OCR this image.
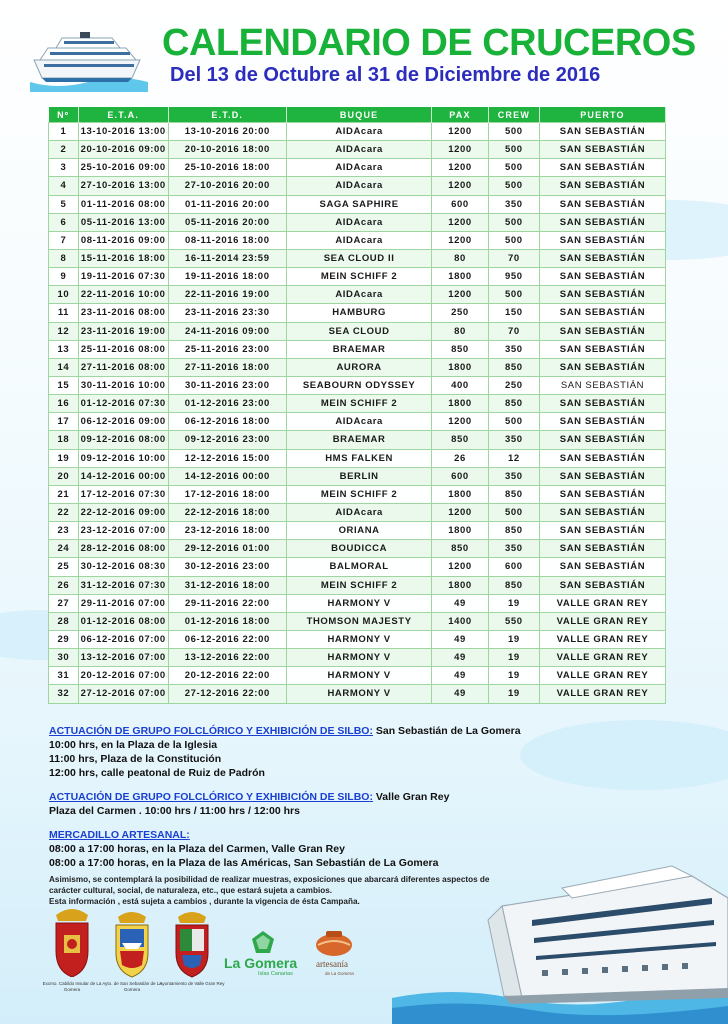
CALENDARIO DE CRUCEROS
Del 13 de Octubre al 31 de Diciembre de 2016
Nº	E.T.A.	E.T.D.	BUQUE	PAX	CREW	PUERTO
1	13-10-2016 13:00	13-10-2016 20:00	AIDAcara	1200	500	SAN SEBASTIÁN
2	20-10-2016 09:00	20-10-2016 18:00	AIDAcara	1200	500	SAN SEBASTIÁN
3	25-10-2016 09:00	25-10-2016 18:00	AIDAcara	1200	500	SAN SEBASTIÁN
4	27-10-2016 13:00	27-10-2016 20:00	AIDAcara	1200	500	SAN SEBASTIÁN
5	01-11-2016 08:00	01-11-2016 20:00	SAGA SAPHIRE	600	350	SAN SEBASTIÁN
6	05-11-2016 13:00	05-11-2016 20:00	AIDAcara	1200	500	SAN SEBASTIÁN
7	08-11-2016 09:00	08-11-2016 18:00	AIDAcara	1200	500	SAN SEBASTIÁN
8	15-11-2016 18:00	16-11-2014 23:59	SEA CLOUD II	80	70	SAN SEBASTIÁN
9	19-11-2016 07:30	19-11-2016 18:00	MEIN SCHIFF 2	1800	950	SAN SEBASTIÁN
10	22-11-2016 10:00	22-11-2016 19:00	AIDAcara	1200	500	SAN SEBASTIÁN
11	23-11-2016 08:00	23-11-2016 23:30	HAMBURG	250	150	SAN SEBASTIÁN
12	23-11-2016 19:00	24-11-2016 09:00	SEA CLOUD	80	70	SAN SEBASTIÁN
13	25-11-2016 08:00	25-11-2016 23:00	BRAEMAR	850	350	SAN SEBASTIÁN
14	27-11-2016 08:00	27-11-2016 18:00	AURORA	1800	850	SAN SEBASTIÁN
15	30-11-2016 10:00	30-11-2016 23:00	SEABOURN ODYSSEY	400	250	SAN SEBASTIÁN
16	01-12-2016 07:30	01-12-2016 23:00	MEIN SCHIFF 2	1800	850	SAN SEBASTIÁN
17	06-12-2016 09:00	06-12-2016 18:00	AIDAcara	1200	500	SAN SEBASTIÁN
18	09-12-2016 08:00	09-12-2016 23:00	BRAEMAR	850	350	SAN SEBASTIÁN
19	09-12-2016 10:00	12-12-2016 15:00	HMS FALKEN	26	12	SAN SEBASTIÁN
20	14-12-2016 00:00	14-12-2016 00:00	BERLIN	600	350	SAN SEBASTIÁN
21	17-12-2016 07:30	17-12-2016 18:00	MEIN SCHIFF 2	1800	850	SAN SEBASTIÁN
22	22-12-2016 09:00	22-12-2016 18:00	AIDAcara	1200	500	SAN SEBASTIÁN
23	23-12-2016 07:00	23-12-2016 18:00	ORIANA	1800	850	SAN SEBASTIÁN
24	28-12-2016 08:00	29-12-2016 01:00	BOUDICCA	850	350	SAN SEBASTIÁN
25	30-12-2016 08:30	30-12-2016 23:00	BALMORAL	1200	600	SAN SEBASTIÁN
26	31-12-2016 07:30	31-12-2016 18:00	MEIN SCHIFF 2	1800	850	SAN SEBASTIÁN
27	29-11-2016 07:00	29-11-2016 22:00	HARMONY V	49	19	VALLE GRAN REY
28	01-12-2016 08:00	01-12-2016 18:00	THOMSON MAJESTY	1400	550	VALLE GRAN REY
29	06-12-2016 07:00	06-12-2016 22:00	HARMONY V	49	19	VALLE GRAN REY
30	13-12-2016 07:00	13-12-2016 22:00	HARMONY V	49	19	VALLE GRAN REY
31	20-12-2016 07:00	20-12-2016 22:00	HARMONY V	49	19	VALLE GRAN REY
32	27-12-2016 07:00	27-12-2016 22:00	HARMONY V	49	19	VALLE GRAN REY

ACTUACIÓN DE GRUPO FOLCLÓRICO Y EXHIBICIÓN DE SILBO: San Sebastián de La Gomera

10:00 hrs, en la Plaza de la Iglesia

11:00 hrs, Plaza de la Constitución

12:00 hrs, calle peatonal de Ruiz de Padrón

ACTUACIÓN DE GRUPO FOLCLÓRICO Y EXHIBICIÓN DE SILBO: Valle Gran Rey

Plaza del Carmen . 10:00 hrs / 11:00 hrs / 12:00 hrs

MERCADILLO ARTESANAL:

08:00 a 17:00 horas, en la Plaza del Carmen, Valle Gran Rey

08:00 a 17:00 horas, en la Plaza de las Américas, San Sebastián de La Gomera

Asimismo, se contemplará la posibilidad de realizar muestras, exposiciones que abarcará diferentes aspectos de
carácter cultural, social, de naturaleza, etc., que estará sujeta a cambios.
Esta información , está sujeta a cambios , durante la vigencia de ésta Campaña.
Excmo. Cabildo Insular de La Gomera
Ayto. de San Sebastián de La Gomera
Ayuntamiento de Valle Gran Rey
La Gomera
Islas Canarias
artesanía
de La Gomera
